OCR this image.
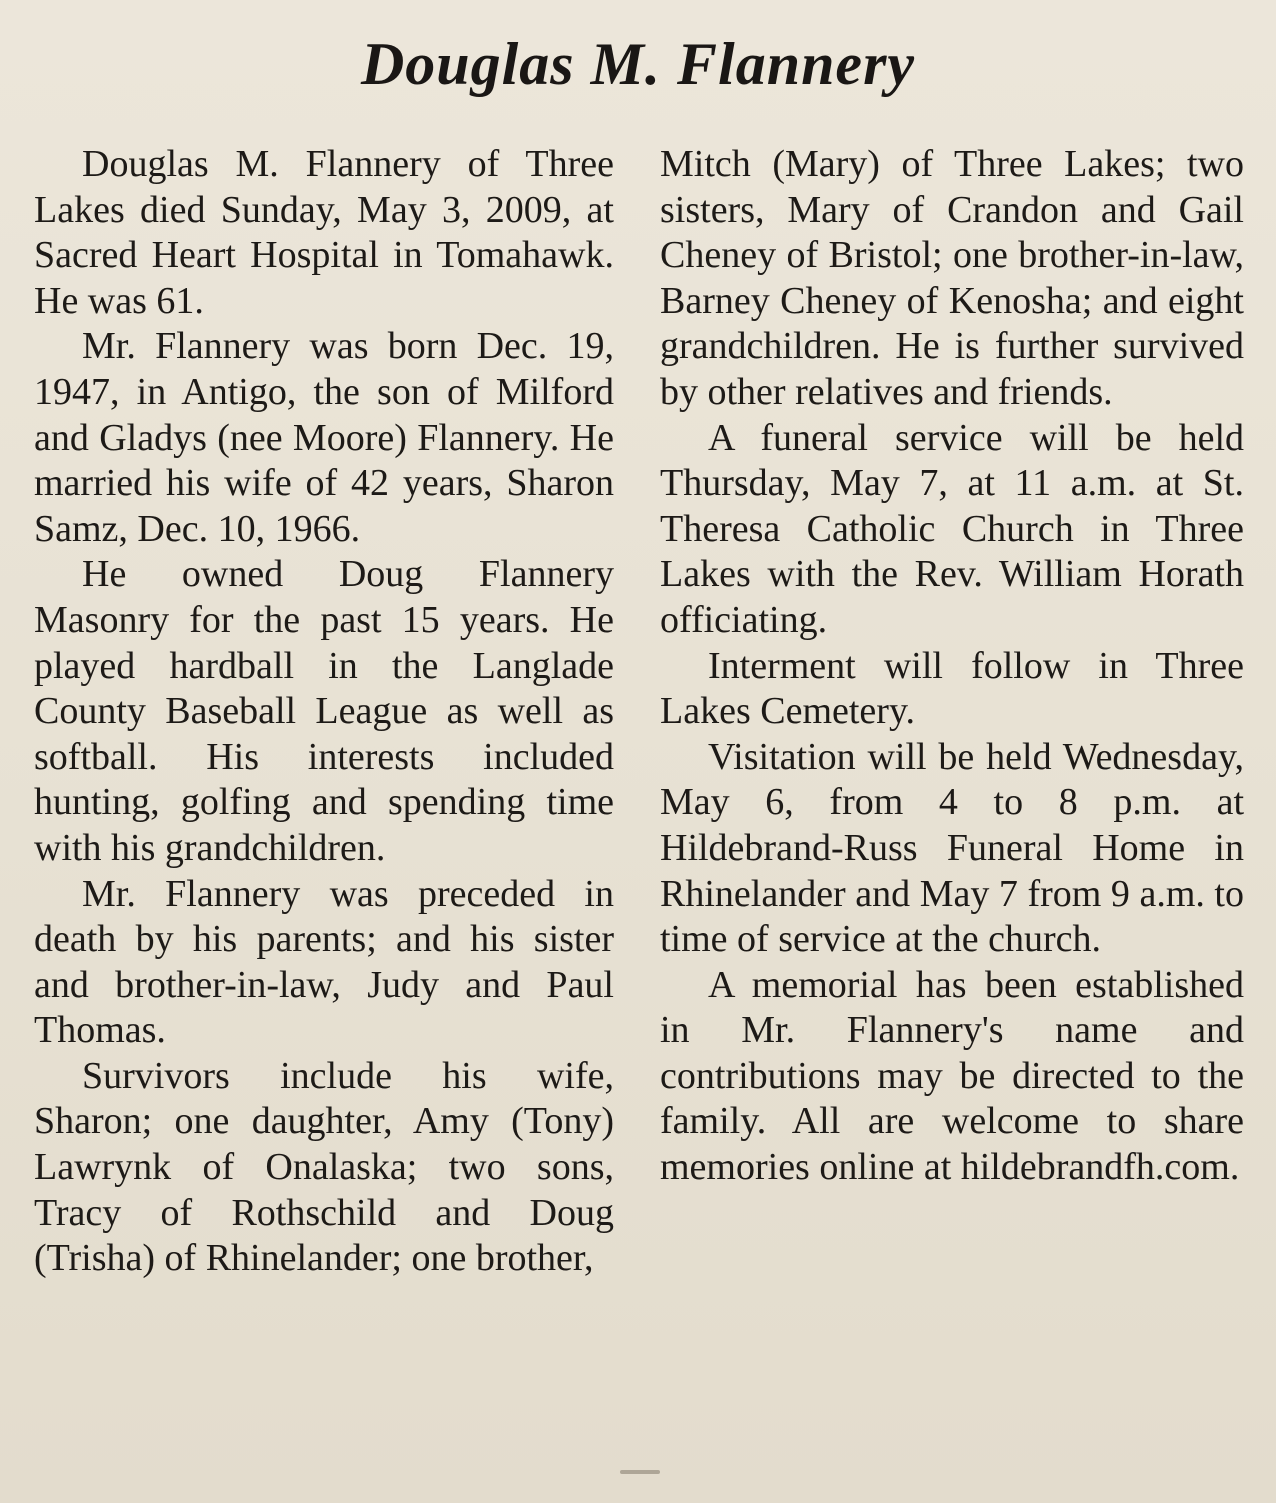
Douglas M. Flannery

Douglas M. Flannery of Three Lakes died Sunday, May 3, 2009, at Sacred Heart Hospital in Tomahawk. He was 61.

Mr. Flannery was born Dec. 19, 1947, in Antigo, the son of Milford and Gladys (nee Moore) Flannery. He married his wife of 42 years, Sharon Samz, Dec. 10, 1966.

He owned Doug Flannery Masonry for the past 15 years. He played hardball in the Langlade County Baseball League as well as softball. His interests included hunting, golfing and spending time with his grandchildren.

Mr. Flannery was preceded in death by his parents; and his sister and brother-in-law, Judy and Paul Thomas.

Survivors include his wife, Sharon; one daughter, Amy (Tony) Lawrynk of Onalaska; two sons, Tracy of Rothschild and Doug (Trisha) of Rhinelander; one brother,

Mitch (Mary) of Three Lakes; two sisters, Mary of Crandon and Gail Cheney of Bristol; one brother-in-law, Barney Cheney of Kenosha; and eight grandchildren. He is further survived by other relatives and friends.

A funeral service will be held Thursday, May 7, at 11 a.m. at St. Theresa Catholic Church in Three Lakes with the Rev. William Horath officiating.

Interment will follow in Three Lakes Cemetery.

Visitation will be held Wednesday, May 6, from 4 to 8 p.m. at Hildebrand-Russ Funeral Home in Rhinelander and May 7 from 9 a.m. to time of service at the church.

A memorial has been established in Mr. Flannery's name and contributions may be directed to the family. All are welcome to share memories online at hildebrandfh.com.
